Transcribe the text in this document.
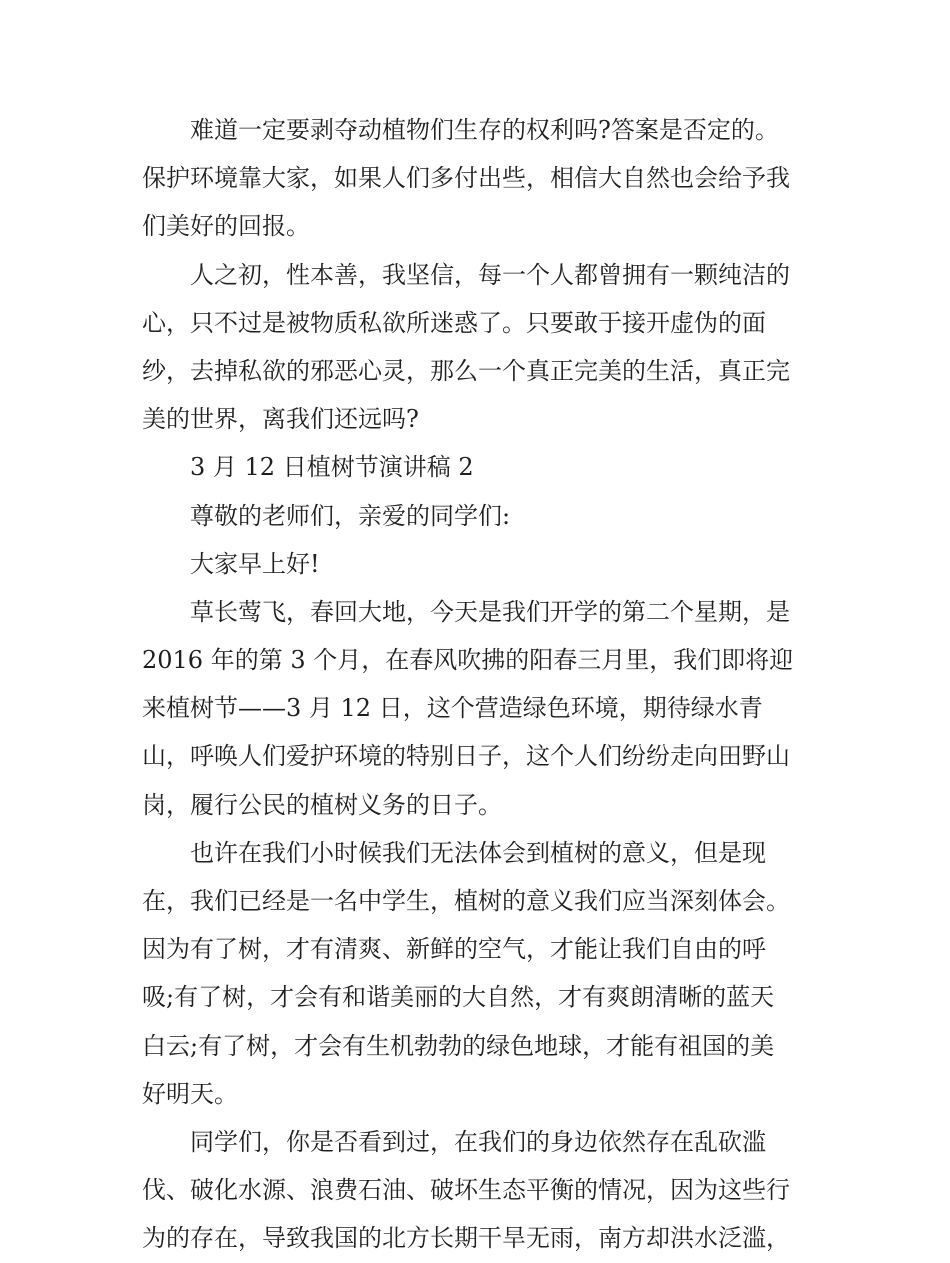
难道一定要剥夺动植物们生存的权利吗?答案是否定的。
保护环境靠大家，如果人们多付出些，相信大自然也会给予我
们美好的回报。
人之初，性本善，我坚信，每一个人都曾拥有一颗纯洁的
心，只不过是被物质私欲所迷惑了。只要敢于接开虚伪的面
纱，去掉私欲的邪恶心灵，那么一个真正完美的生活，真正完
美的世界，离我们还远吗?
3 月 12 日植树节演讲稿 2
尊敬的老师们，亲爱的同学们:
大家早上好!
草长莺飞，春回大地，今天是我们开学的第二个星期，是
2016 年的第 3 个月，在春风吹拂的阳春三月里，我们即将迎
来植树节——3 月 12 日，这个营造绿色环境，期待绿水青
山，呼唤人们爱护环境的特别日子，这个人们纷纷走向田野山
岗，履行公民的植树义务的日子。
也许在我们小时候我们无法体会到植树的意义，但是现
在，我们已经是一名中学生，植树的意义我们应当深刻体会。
因为有了树，才有清爽、新鲜的空气，才能让我们自由的呼
吸;有了树，才会有和谐美丽的大自然，才有爽朗清晰的蓝天
白云;有了树，才会有生机勃勃的绿色地球，才能有祖国的美
好明天。
同学们，你是否看到过，在我们的身边依然存在乱砍滥
伐、破化水源、浪费石油、破坏生态平衡的情况，因为这些行
为的存在，导致我国的北方长期干旱无雨，南方却洪水泛滥，
